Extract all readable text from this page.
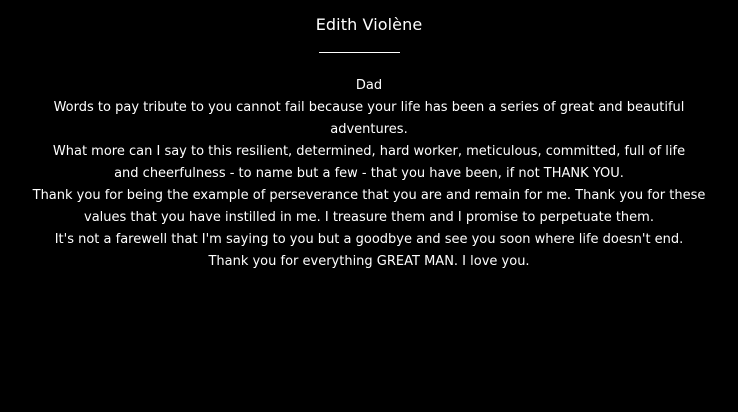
Edith Violène

Dad

Words to pay tribute to you cannot fail because your life has been a series of great and beautiful adventures.

What more can I say to this resilient, determined, hard worker, meticulous, committed, full of life and cheerfulness - to name but a few - that you have been, if not THANK YOU.

Thank you for being the example of perseverance that you are and remain for me. Thank you for these values that you have instilled in me. I treasure them and I promise to perpetuate them.

It's not a farewell that I'm saying to you but a goodbye and see you soon where life doesn't end.

Thank you for everything GREAT MAN. I love you.
